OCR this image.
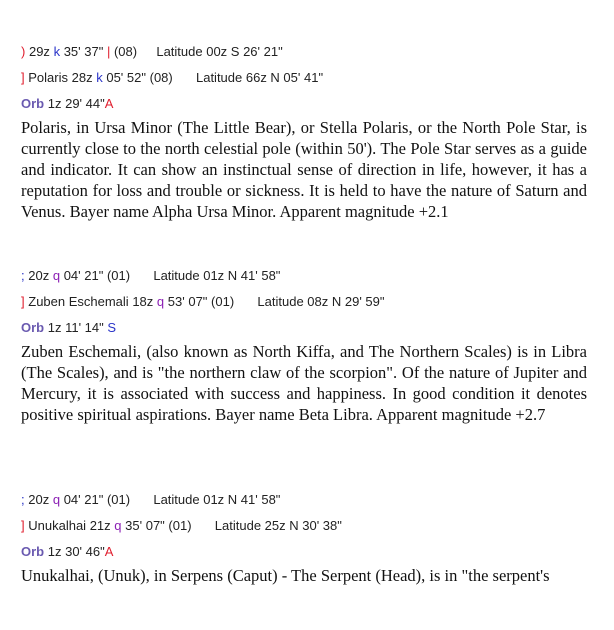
) 29z k 35' 37" | (08) Latitude 00z S 26' 21"
] Polaris 28z k 05' 52" (08) Latitude 66z N 05' 41"
Orb 1z 29' 44"A
Polaris, in Ursa Minor (The Little Bear), or Stella Polaris, or the North Pole Star, is currently close to the north celestial pole (within 50'). The Pole Star serves as a guide and indicator. It can show an instinctual sense of direction in life, however, it has a reputation for loss and trouble or sickness. It is held to have the nature of Saturn and Venus. Bayer name Alpha Ursa Minor. Apparent magnitude +2.1
; 20z q 04' 21" (01) Latitude 01z N 41' 58"
] Zuben Eschemali 18z q 53' 07" (01) Latitude 08z N 29' 59"
Orb 1z 11' 14" S
Zuben Eschemali, (also known as North Kiffa, and The Northern Scales) is in Libra (The Scales), and is "the northern claw of the scorpion". Of the nature of Jupiter and Mercury, it is associated with success and happiness. In good condition it denotes positive spiritual aspirations. Bayer name Beta Libra. Apparent magnitude +2.7
; 20z q 04' 21" (01) Latitude 01z N 41' 58"
] Unukalhai 21z q 35' 07" (01) Latitude 25z N 30' 38"
Orb 1z 30' 46"A
Unukalhai, (Unuk), in Serpens (Caput) - The Serpent (Head), is in "the serpent's
